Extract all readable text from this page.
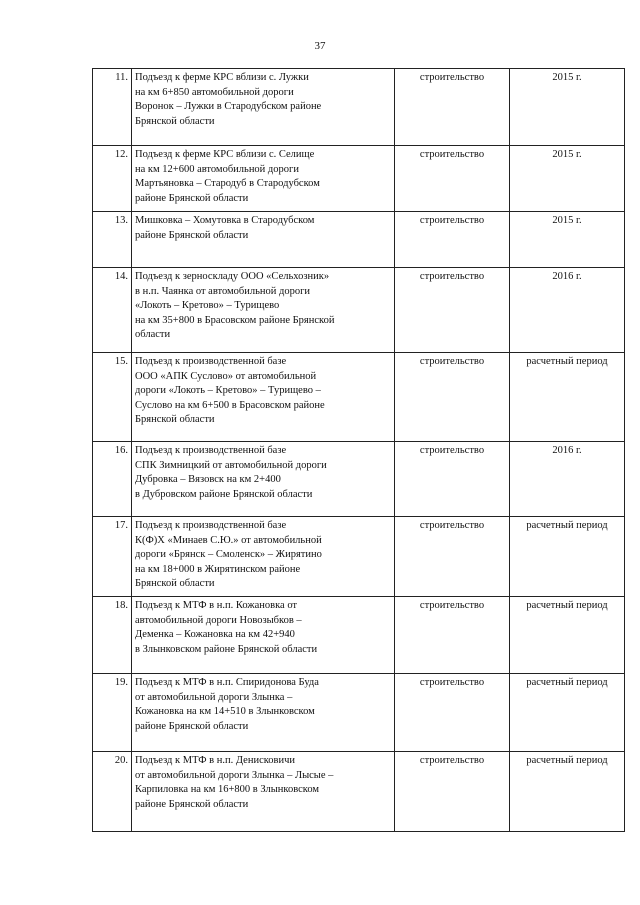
37
11.	Подъезд к ферме КРС вблизи с. Лужки
на км 6+850 автомобильной дороги
Воронок – Лужки в Стародубском районе
Брянской области	строительство	2015 г.
12.	Подъезд к ферме КРС вблизи с. Селище
на км 12+600 автомобильной дороги
Мартьяновка – Стародуб в Стародубском
районе Брянской области	строительство	2015 г.
13.	Мишковка – Хомутовка в Стародубском
районе Брянской области	строительство	2015 г.
14.	Подъезд к зерноскладу ООО «Сельхозник»
в н.п. Чаянка от автомобильной дороги
«Локоть – Кретово» – Турищево
на км 35+800 в Брасовском районе Брянской
области	строительство	2016 г.
15.	Подъезд к производственной базе
ООО «АПК Суслово» от автомобильной
дороги «Локоть – Кретово» – Турищево –
Суслово на км 6+500 в Брасовском районе
Брянской области	строительство	расчетный период
16.	Подъезд к производственной базе
СПК Зимницкий от автомобильной дороги
Дубровка – Вязовск на км 2+400
в Дубровском районе Брянской области	строительство	2016 г.
17.	Подъезд к производственной базе
К(Ф)Х «Минаев С.Ю.» от автомобильной
дороги «Брянск – Смоленск» – Жирятино
на км 18+000 в Жирятинском районе
Брянской области	строительство	расчетный период
18.	Подъезд к МТФ в н.п. Кожановка от
автомобильной дороги Новозыбков –
Деменка – Кожановка на км 42+940
в Злынковском районе Брянской области	строительство	расчетный период
19.	Подъезд к МТФ в н.п. Спиридонова Буда
от автомобильной дороги Злынка –
Кожановка на км 14+510 в Злынковском
районе Брянской области	строительство	расчетный период
20.	Подъезд к МТФ в н.п. Денисковичи
от автомобильной дороги Злынка – Лысые –
Карпиловка на км 16+800 в Злынковском
районе Брянской области	строительство	расчетный период
